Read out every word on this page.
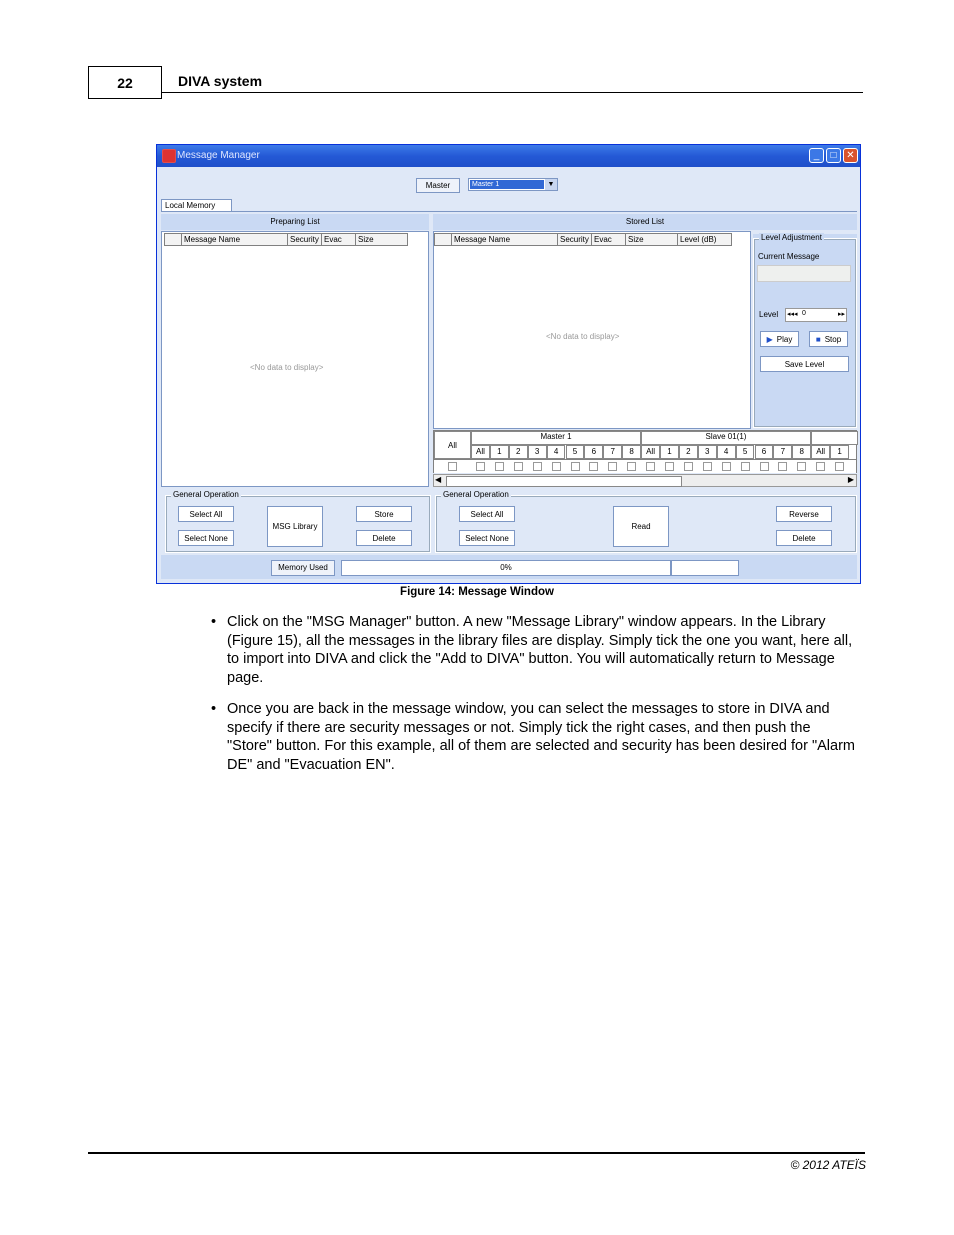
22	DIVA system
Message Manager	_	□ ✕
Master	Master 1	▼
Local Memory
Preparing List
Message Name	Security Evac	Size
<No data to display>
Stored List
Message Name	Security Evac	Size	Level (dB)
<No data to display>
Level Adjustment
Current Message
Level ◂◂◂ 0	▸▸
▶ Play	■ Stop
Save Level
All
Master 1	Slave 01(1)
All	1	2	3	4	5	6	7	8	All	1	2	3	4	5	6	7	8	All	1
◀	▶
General Operation
Select All
Select None
MSG Library
Store
Delete
General Operation
Select All
Select None
Read
Reverse
Delete
Memory Used	0%
Figure 14: Message Window
• Click on the "MSG Manager" button. A new "Message Library" window appears. In the Library (Figure 15), all the messages in the library files are display. Simply tick the one you want, here all, to import into DIVA and click the "Add to DIVA" button. You will automatically return to Message page.
• Once you are back in the message window, you can select the messages to store in DIVA and specify if there are security messages or not. Simply tick the right cases, and then push the "Store" button. For this example, all of them are selected and security has been desired for "Alarm DE" and "Evacuation EN".
© 2012 ATEÏS
